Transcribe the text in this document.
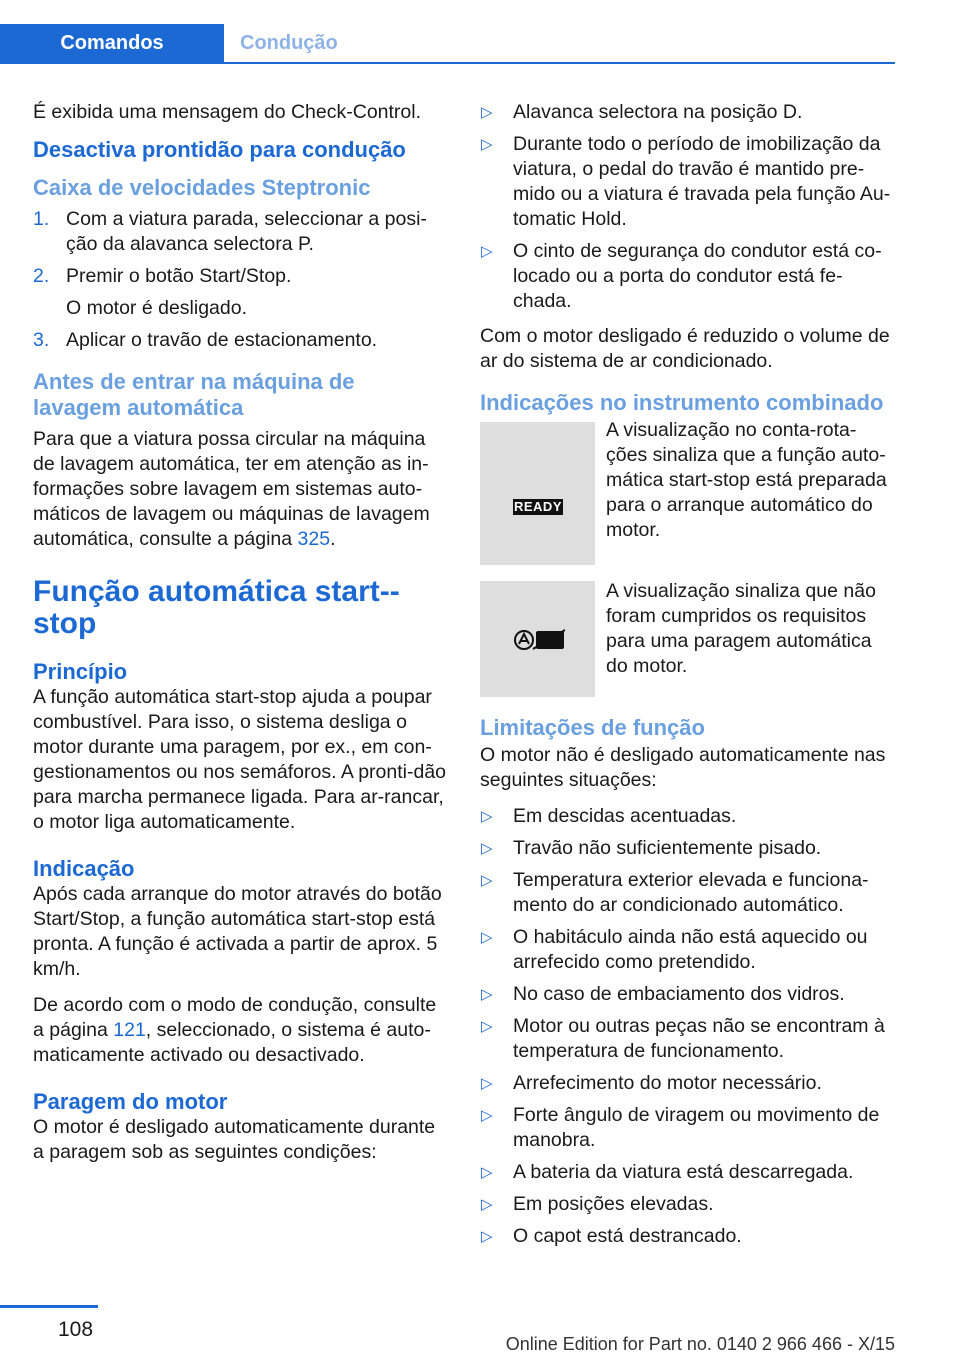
Comandos	Condução

É exibida uma mensagem do Check-Control.

Desactiva prontidão para condução
Caixa de velocidades Steptronic
1. Com a viatura parada, seleccionar a posi‐ção da alavanca selectora P.
2. Premir o botão Start/Stop.
O motor é desligado.
3. Aplicar o travão de estacionamento.
Antes de entrar na máquina de lavagem automática

Para que a viatura possa circular na máquina de lavagem automática, ter em atenção as in‐formações sobre lavagem em sistemas auto‐máticos de lavagem ou máquinas de lavagem automática, consulte a página 325.

Função automática start-‐stop
Princípio

A função automática start-stop ajuda a poupar combustível. Para isso, o sistema desliga o motor durante uma paragem, por ex., em con‐gestionamentos ou nos semáforos. A pronti‐dão para marcha permanece ligada. Para ar‐rancar, o motor liga automaticamente.

Indicação

Após cada arranque do motor através do botão Start/Stop, a função automática start-stop está pronta. A função é activada a partir de aprox. 5 km/h.

De acordo com o modo de condução, consulte a página 121, seleccionado, o sistema é auto‐maticamente activado ou desactivado.

Paragem do motor

O motor é desligado automaticamente durante a paragem sob as seguintes condições:

▷ Alavanca selectora na posição D.
▷ Durante todo o período de imobilização da viatura, o pedal do travão é mantido pre‐mido ou a viatura é travada pela função Au‐tomatic Hold.
▷ O cinto de segurança do condutor está co‐locado ou a porta do condutor está fe‐chada.

Com o motor desligado é reduzido o volume de ar do sistema de ar condicionado.

Indicações no instrumento combinado
READY
A visualização no conta-rota‐ções sinaliza que a função auto‐mática start-stop está preparada para o arranque automático do motor.
A visualização sinaliza que não foram cumpridos os requisitos para uma paragem automática do motor.
Limitações de função

O motor não é desligado automaticamente nas seguintes situações:

▷ Em descidas acentuadas.
▷ Travão não suficientemente pisado.
▷ Temperatura exterior elevada e funciona‐mento do ar condicionado automático.
▷ O habitáculo ainda não está aquecido ou arrefecido como pretendido.
▷ No caso de embaciamento dos vidros.
▷ Motor ou outras peças não se encontram à temperatura de funcionamento.
▷ Arrefecimento do motor necessário.
▷ Forte ângulo de viragem ou movimento de manobra.
▷ A bateria da viatura está descarregada.
▷ Em posições elevadas.
▷ O capot está destrancado.
108
Online Edition for Part no. 0140 2 966 466 - X/15
